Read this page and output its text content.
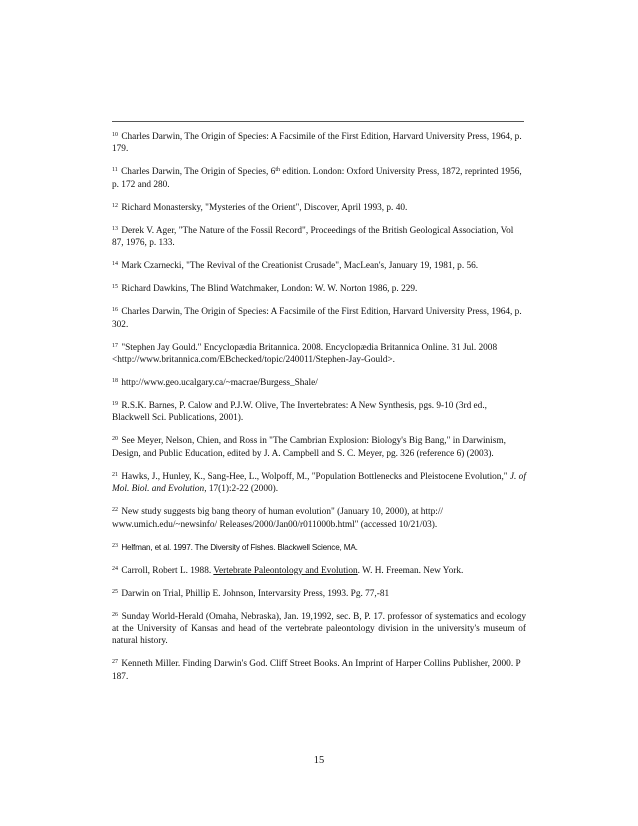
$^{10}$ Charles Darwin, The Origin of Species: A Facsimile of the First Edition, Harvard University Press, 1964, p. 179.

$^{11}$ Charles Darwin, The Origin of Species, 6th edition. London: Oxford University Press, 1872, reprinted 1956, p. 172 and 280.

$^{12}$ Richard Monastersky, "Mysteries of the Orient", Discover, April 1993, p. 40.

$^{13}$ Derek V. Ager, "The Nature of the Fossil Record", Proceedings of the British Geological Association, Vol 87, 1976, p. 133.

$^{14}$ Mark Czarnecki, "The Revival of the Creationist Crusade", MacLean's, January 19, 1981, p. 56.

$^{15}$ Richard Dawkins, The Blind Watchmaker, London: W. W. Norton 1986, p. 229.

$^{16}$ Charles Darwin, The Origin of Species: A Facsimile of the First Edition, Harvard University Press, 1964, p. 302.

$^{17}$ "Stephen Jay Gould." Encyclopædia Britannica. 2008. Encyclopædia Britannica Online. 31 Jul. 2008 <http://www.britannica.com/EBchecked/topic/240011/Stephen-Jay-Gould>.

$^{18}$ http://www.geo.ucalgary.ca/~macrae/Burgess_Shale/

$^{19}$ R.S.K. Barnes, P. Calow and P.J.W. Olive, The Invertebrates: A New Synthesis, pgs. 9-10 (3rd ed., Blackwell Sci. Publications, 2001).

$^{20}$ See Meyer, Nelson, Chien, and Ross in "The Cambrian Explosion: Biology's Big Bang," in Darwinism, Design, and Public Education, edited by J. A. Campbell and S. C. Meyer, pg. 326 (reference 6) (2003).

$^{21}$ Hawks, J., Hunley, K., Sang-Hee, L., Wolpoff, M., "Population Bottlenecks and Pleistocene Evolution," J. of Mol. Biol. and Evolution, 17(1):2-22 (2000).

$^{22}$ New study suggests big bang theory of human evolution" (January 10, 2000), at http:// www.umich.edu/~newsinfo/ Releases/2000/Jan00/r011000b.html" (accessed 10/21/03).

$^{23}$ Helfman, et al. 1997. The Diversity of Fishes. Blackwell Science, MA.

$^{24}$ Carroll, Robert L. 1988. Vertebrate Paleontology and Evolution. W. H. Freeman. New York.

$^{25}$ Darwin on Trial, Phillip E. Johnson, Intervarsity Press, 1993. Pg. 77,-81

$^{26}$ Sunday World-Herald (Omaha, Nebraska), Jan. 19,1992, sec. B, P. 17. professor of systematics and ecology at the University of Kansas and head of the vertebrate paleontology division in the university's museum of natural history.

$^{27}$ Kenneth Miller. Finding Darwin's God. Cliff Street Books. An Imprint of Harper Collins Publisher, 2000. P 187.

15
